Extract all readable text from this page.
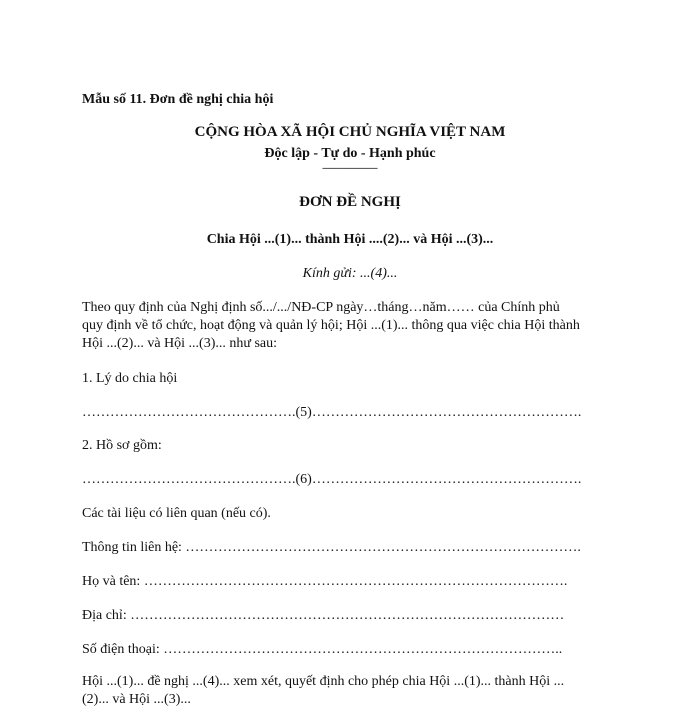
Mẫu số 11. Đơn đề nghị chia hội
CỘNG HÒA XÃ HỘI CHỦ NGHĨA VIỆT NAM
Độc lập - Tự do - Hạnh phúc
—————
ĐƠN ĐỀ NGHỊ
Chia Hội ...(1)... thành Hội ....(2)... và Hội ...(3)...
Kính gửi: ...(4)...
Theo quy định của Nghị định số.../.../NĐ-CP ngày…tháng…năm…… của Chính phủ
quy định về tổ chức, hoạt động và quản lý hội; Hội ...(1)... thông qua việc chia Hội thành
Hội ...(2)... và Hội ...(3)... như sau:
1. Lý do chia hội
……………………………………….(5)………………………………………………….
2. Hồ sơ gồm:
……………………………………….(6)………………………………………………….
Các tài liệu có liên quan (nếu có).
Thông tin liên hệ: ………………………………………………………………………….
Họ và tên: ……………………………………………………………………………….
Địa chỉ: …………………………………………………………………………………
Số điện thoại: …………………………………………………………………………..
Hội ...(1)... đề nghị ...(4)... xem xét, quyết định cho phép chia Hội ...(1)... thành Hội ...
(2)... và Hội ...(3)...
